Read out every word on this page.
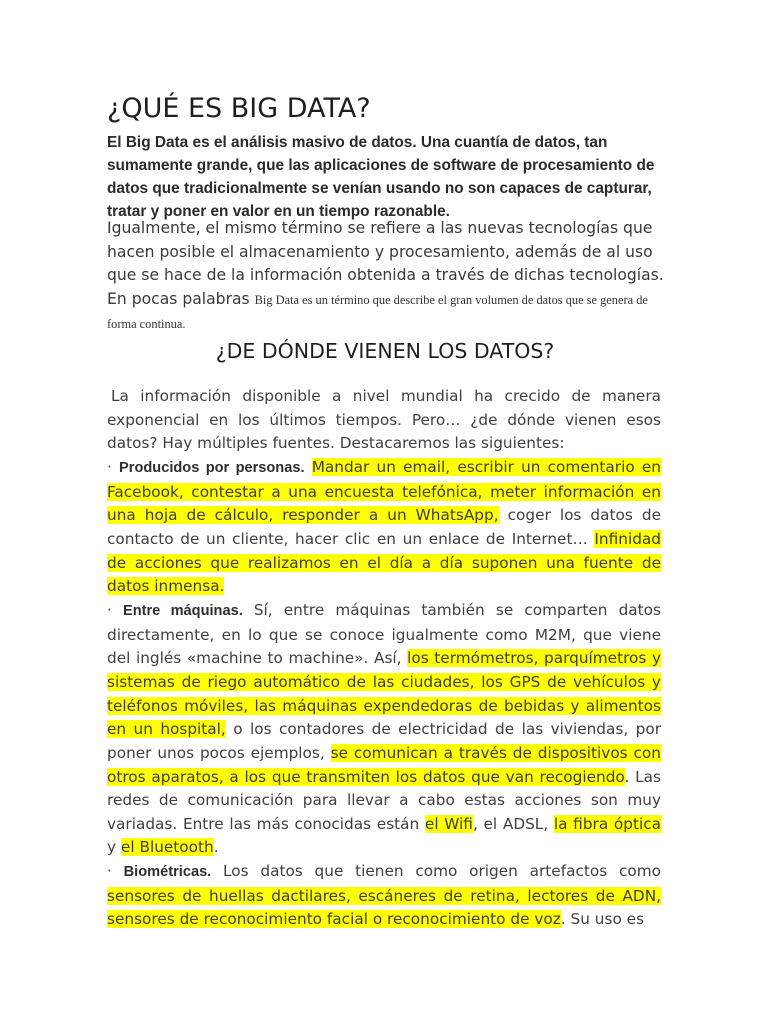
¿QUÉ ES BIG DATA?

El Big Data es el análisis masivo de datos. Una cuantía de datos, tan sumamente grande, que las aplicaciones de software de procesamiento de datos que tradicionalmente se venían usando no son capaces de capturar, tratar y poner en valor en un tiempo razonable.

Igualmente, el mismo término se refiere a las nuevas tecnologías que hacen posible el almacenamiento y procesamiento, además de al uso que se hace de la información obtenida a través de dichas tecnologías. En pocas palabras Big Data es un término que describe el gran volumen de datos que se genera de forma continua.

¿DE DÓNDE VIENEN LOS DATOS?

La información disponible a nivel mundial ha crecido de manera exponencial en los últimos tiempos. Pero… ¿de dónde vienen esos datos? Hay múltiples fuentes. Destacaremos las siguientes:

· Producidos por personas. Mandar un email, escribir un comentario en Facebook, contestar a una encuesta telefónica, meter información en una hoja de cálculo, responder a un WhatsApp, coger los datos de contacto de un cliente, hacer clic en un enlace de Internet… Infinidad de acciones que realizamos en el día a día suponen una fuente de datos inmensa.

· Entre máquinas. Sí, entre máquinas también se comparten datos directamente, en lo que se conoce igualmente como M2M, que viene del inglés «machine to machine». Así, los termómetros, parquímetros y sistemas de riego automático de las ciudades, los GPS de vehículos y teléfonos móviles, las máquinas expendedoras de bebidas y alimentos en un hospital, o los contadores de electricidad de las viviendas, por poner unos pocos ejemplos, se comunican a través de dispositivos con otros aparatos, a los que transmiten los datos que van recogiendo. Las redes de comunicación para llevar a cabo estas acciones son muy variadas. Entre las más conocidas están el Wifi, el ADSL, la fibra óptica y el Bluetooth.

· Biométricas. Los datos que tienen como origen artefactos como sensores de huellas dactilares, escáneres de retina, lectores de ADN, sensores de reconocimiento facial o reconocimiento de voz. Su uso es
